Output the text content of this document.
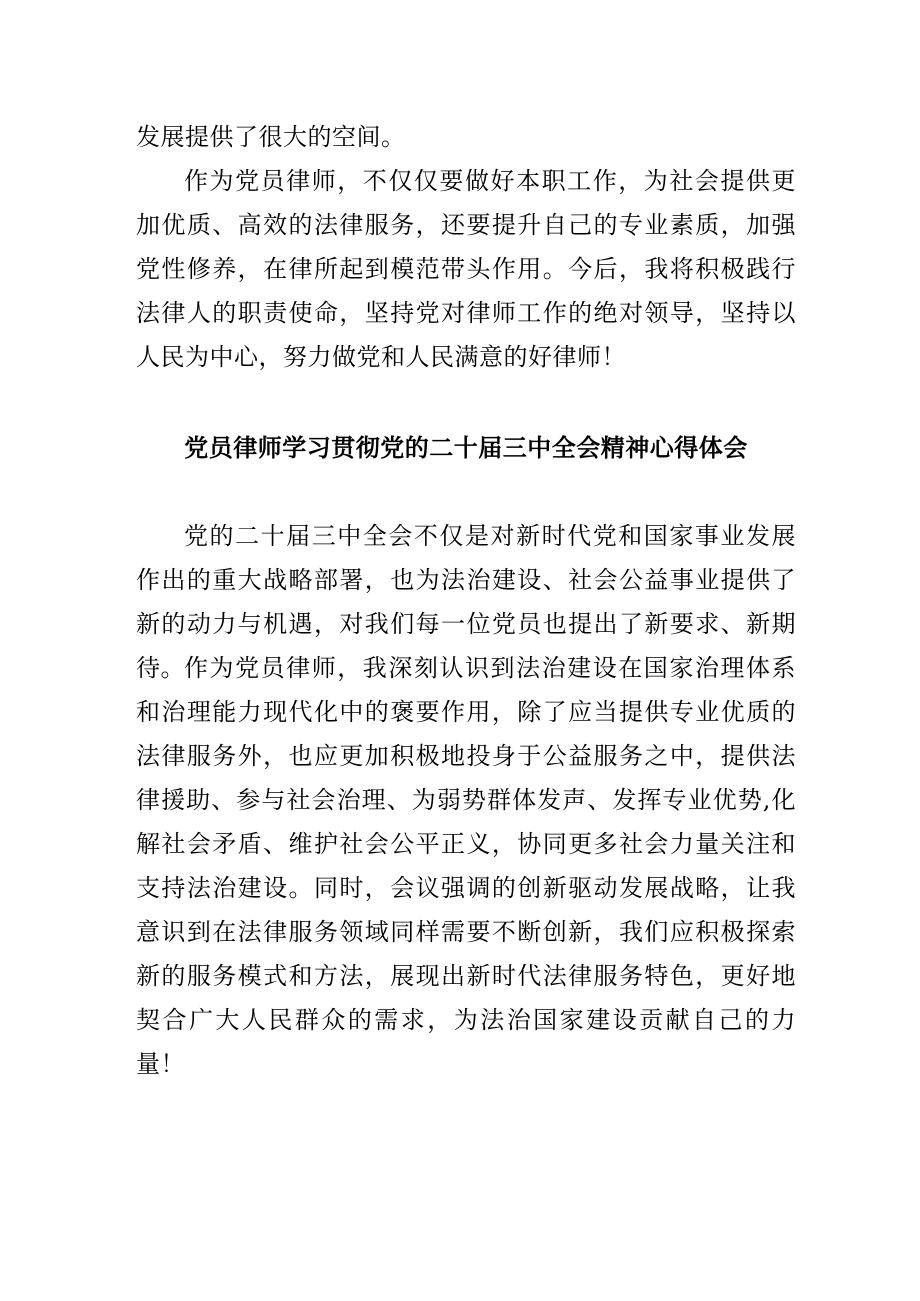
发展提供了很大的空间。

作为党员律师，不仅仅要做好本职工作，为社会提供更加优质、高效的法律服务，还要提升自己的专业素质，加强党性修养，在律所起到模范带头作用。今后，我将积极践行法律人的职责使命，坚持党对律师工作的绝对领导，坚持以人民为中心，努力做党和人民满意的好律师！

党员律师学习贯彻党的二十届三中全会精神心得体会

党的二十届三中全会不仅是对新时代党和国家事业发展作出的重大战略部署，也为法治建设、社会公益事业提供了新的动力与机遇，对我们每一位党员也提出了新要求、新期待。 作为党员律师，我深刻认识到法治建设在国家治理体系和治理能力现代化中的褒要作用，除了应当提供专业优质的法律服务外，也应更加积极地投身于公益服务之中，提供法律援助、参与社会治理、为弱势群体发声、发挥专业优势,化解社会矛盾、维护社会公平正义，协同更多社会力量关注和支持法治建设。同时，会议强调的创新驱动发展战略，让我意识到在法律服务领域同样需要不断创新，我们应积极探索新的服务模式和方法，展现出新时代法律服务特色，更好地契合广大人民群众的需求，为法治国家建设贡献自己的力量！
